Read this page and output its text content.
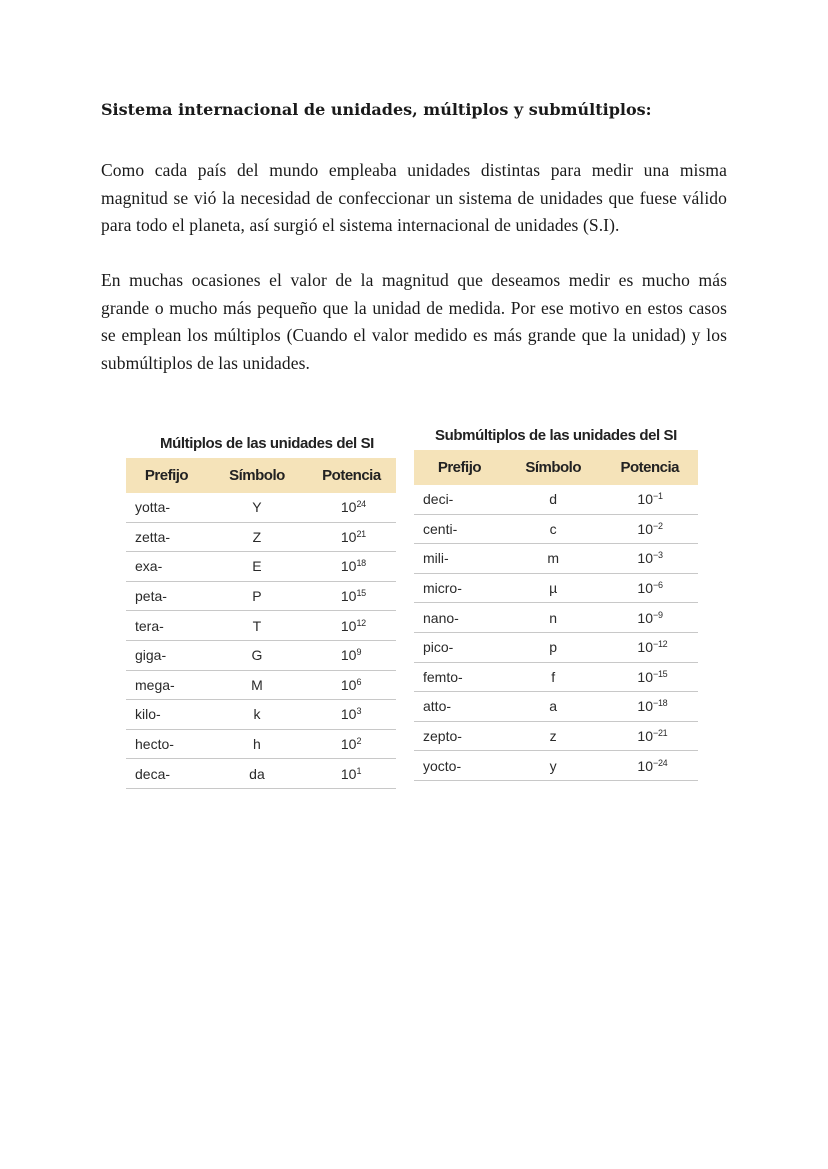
Sistema internacional de unidades, múltiplos y submúltiplos:

Como cada país del mundo empleaba unidades distintas para medir una misma magnitud se vió la necesidad de confeccionar un sistema de unidades que fuese válido para todo el planeta, así surgió el sistema internacional de unidades (S.I).

En muchas ocasiones el valor de la magnitud que deseamos medir es mucho más grande o mucho más pequeño que la unidad de medida. Por ese motivo en estos casos se emplean los múltiplos (Cuando el valor medido es más grande que la unidad) y los submúltiplos de las unidades.

Múltiplos de las unidades del SI
Prefijo	Símbolo	Potencia
yotta-	Y	$10^{24}$
zetta-	Z	$10^{21}$
exa-	E	$10^{18}$
peta-	P	$10^{15}$
tera-	T	$10^{12}$
giga-	G	$10^9$
mega-	M	$10^6$
kilo-	k	$10^3$
hecto-	h	$10^2$
deca-	da	$10^1$
Submúltiplos de las unidades del SI
Prefijo	Símbolo	Potencia
deci-	d	$10^{-1}$
centi-	c	$10^{-2}$
mili-	m	$10^{-3}$
micro-	µ	$10^{-6}$
nano-	n	$10^{-9}$
pico-	p	$10^{-12}$
femto-	f	$10^{-15}$
atto-	a	$10^{-18}$
zepto-	z	$10^{-21}$
yocto-	y	$10^{-24}$
